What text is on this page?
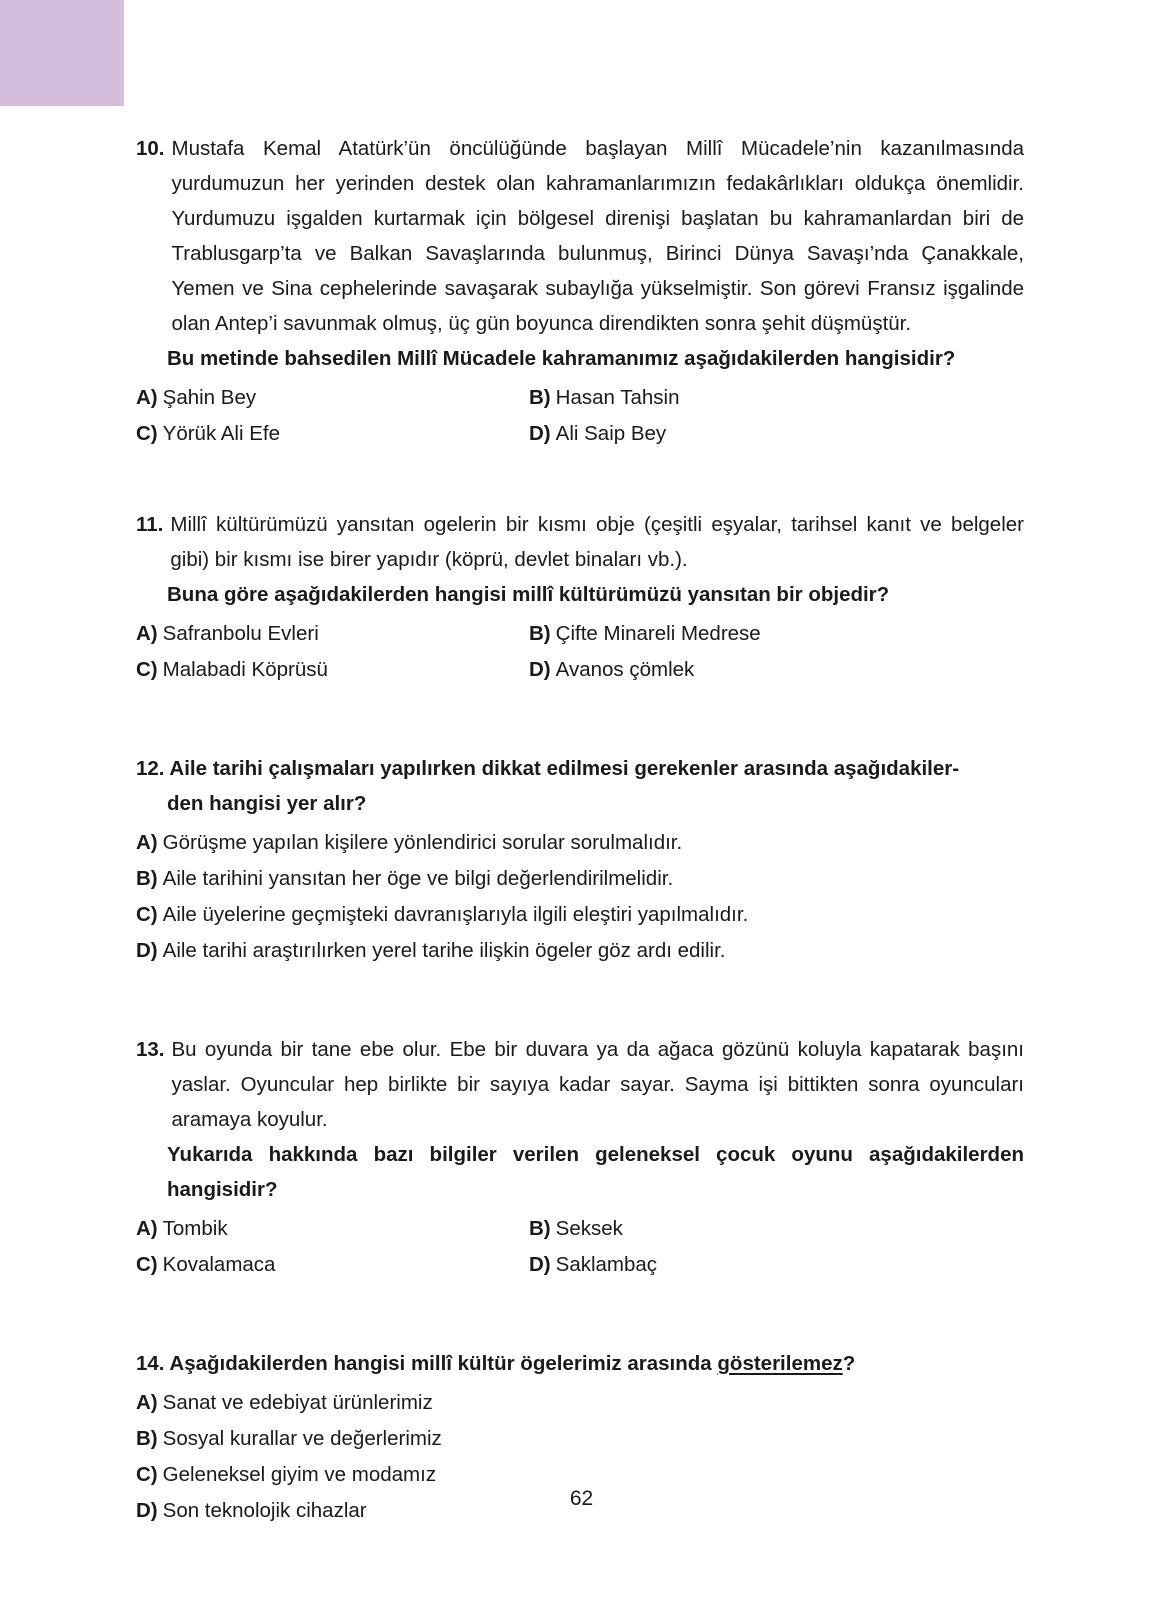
10. Mustafa Kemal Atatürk’ün öncülüğünde başlayan Millî Mücadele’nin kazanılmasında yurdumuzun her yerinden destek olan kahramanlarımızın fedakârlıkları oldukça önemlidir. Yurdumuzu işgalden kurtarmak için bölgesel direnişi başlatan bu kahramanlardan biri de Trablusgarp’ta ve Balkan Savaşlarında bulunmuş, Birinci Dünya Savaşı’nda Çanakkale, Yemen ve Sina cephelerinde savaşarak subaylığa yükselmiştir. Son görevi Fransız işgalinde olan Antep’i savunmak olmuş, üç gün boyunca direndikten sonra şehit düşmüştür.
Bu metinde bahsedilen Millî Mücadele kahramanımız aşağıdakilerden hangisidir?
A) Şahin Bey	B) Hasan Tahsin
C) Yörük Ali Efe	D) Ali Saip Bey
11. Millî kültürümüzü yansıtan ogelerin bir kısmı obje (çeşitli eşyalar, tarihsel kanıt ve belgeler gibi) bir kısmı ise birer yapıdır (köprü, devlet binaları vb.).
Buna göre aşağıdakilerden hangisi millî kültürümüzü yansıtan bir objedir?
A) Safranbolu Evleri	B) Çifte Minareli Medrese
C) Malabadi Köprüsü	D) Avanos çömlek
12. Aile tarihi çalışmaları yapılırken dikkat edilmesi gerekenler arasında aşağıdakiler-
den hangisi yer alır?
A) Görüşme yapılan kişilere yönlendirici sorular sorulmalıdır.
B) Aile tarihini yansıtan her öge ve bilgi değerlendirilmelidir.
C) Aile üyelerine geçmişteki davranışlarıyla ilgili eleştiri yapılmalıdır.
D) Aile tarihi araştırılırken yerel tarihe ilişkin ögeler göz ardı edilir.
13. Bu oyunda bir tane ebe olur. Ebe bir duvara ya da ağaca gözünü koluyla kapatarak başını yaslar. Oyuncular hep birlikte bir sayıya kadar sayar. Sayma işi bittikten sonra oyuncuları aramaya koyulur.
Yukarıda hakkında bazı bilgiler verilen geleneksel çocuk oyunu aşağıdakilerden
hangisidir?
A) Tombik	B) Seksek
C) Kovalamaca	D) Saklambaç
14. Aşağıdakilerden hangisi millî kültür ögelerimiz arasında gösterilemez?
A) Sanat ve edebiyat ürünlerimiz
B) Sosyal kurallar ve değerlerimiz
C) Geleneksel giyim ve modamız
D) Son teknolojik cihazlar
62
